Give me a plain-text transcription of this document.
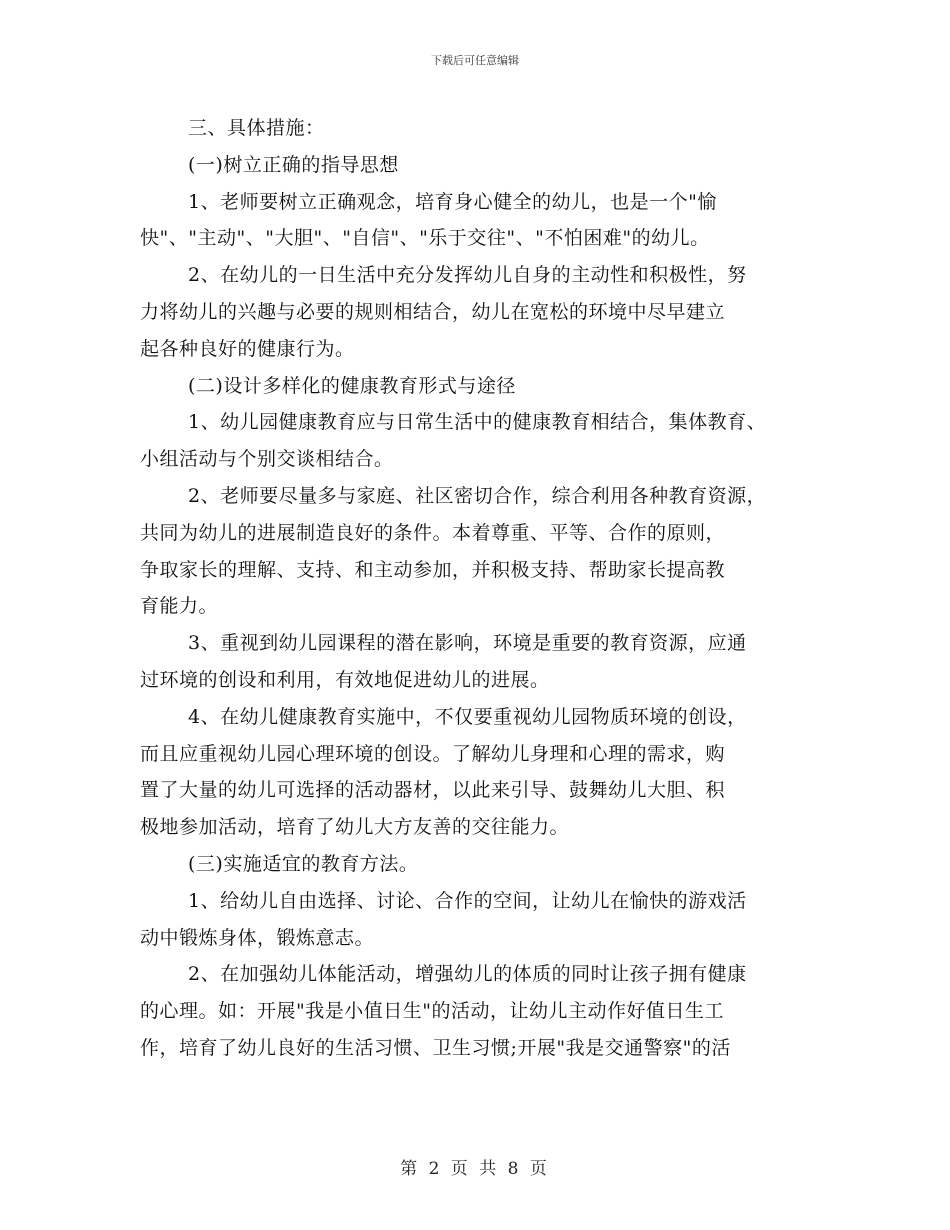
下载后可任意编辑
三、具体措施：
(一)树立正确的指导思想
1、老师要树立正确观念，培育身心健全的幼儿，也是一个"愉
快"、"主动"、"大胆"、"自信"、"乐于交往"、"不怕困难"的幼儿。
2、在幼儿的一日生活中充分发挥幼儿自身的主动性和积极性，努
力将幼儿的兴趣与必要的规则相结合，幼儿在宽松的环境中尽早建立
起各种良好的健康行为。
(二)设计多样化的健康教育形式与途径
1、幼儿园健康教育应与日常生活中的健康教育相结合，集体教育、
小组活动与个别交谈相结合。
2、老师要尽量多与家庭、社区密切合作，综合利用各种教育资源，
共同为幼儿的进展制造良好的条件。本着尊重、平等、合作的原则，
争取家长的理解、支持、和主动参加，并积极支持、帮助家长提高教
育能力。
3、重视到幼儿园课程的潜在影响，环境是重要的教育资源，应通
过环境的创设和利用，有效地促进幼儿的进展。
4、在幼儿健康教育实施中，不仅要重视幼儿园物质环境的创设，
而且应重视幼儿园心理环境的创设。了解幼儿身理和心理的需求，购
置了大量的幼儿可选择的活动器材，以此来引导、鼓舞幼儿大胆、积
极地参加活动，培育了幼儿大方友善的交往能力。
(三)实施适宜的教育方法。
1、给幼儿自由选择、讨论、合作的空间，让幼儿在愉快的游戏活
动中锻炼身体，锻炼意志。
2、在加强幼儿体能活动，增强幼儿的体质的同时让孩子拥有健康
的心理。如：开展"我是小值日生"的活动，让幼儿主动作好值日生工
作，培育了幼儿良好的生活习惯、卫生习惯;开展"我是交通警察"的活
第 2 页 共 8 页
